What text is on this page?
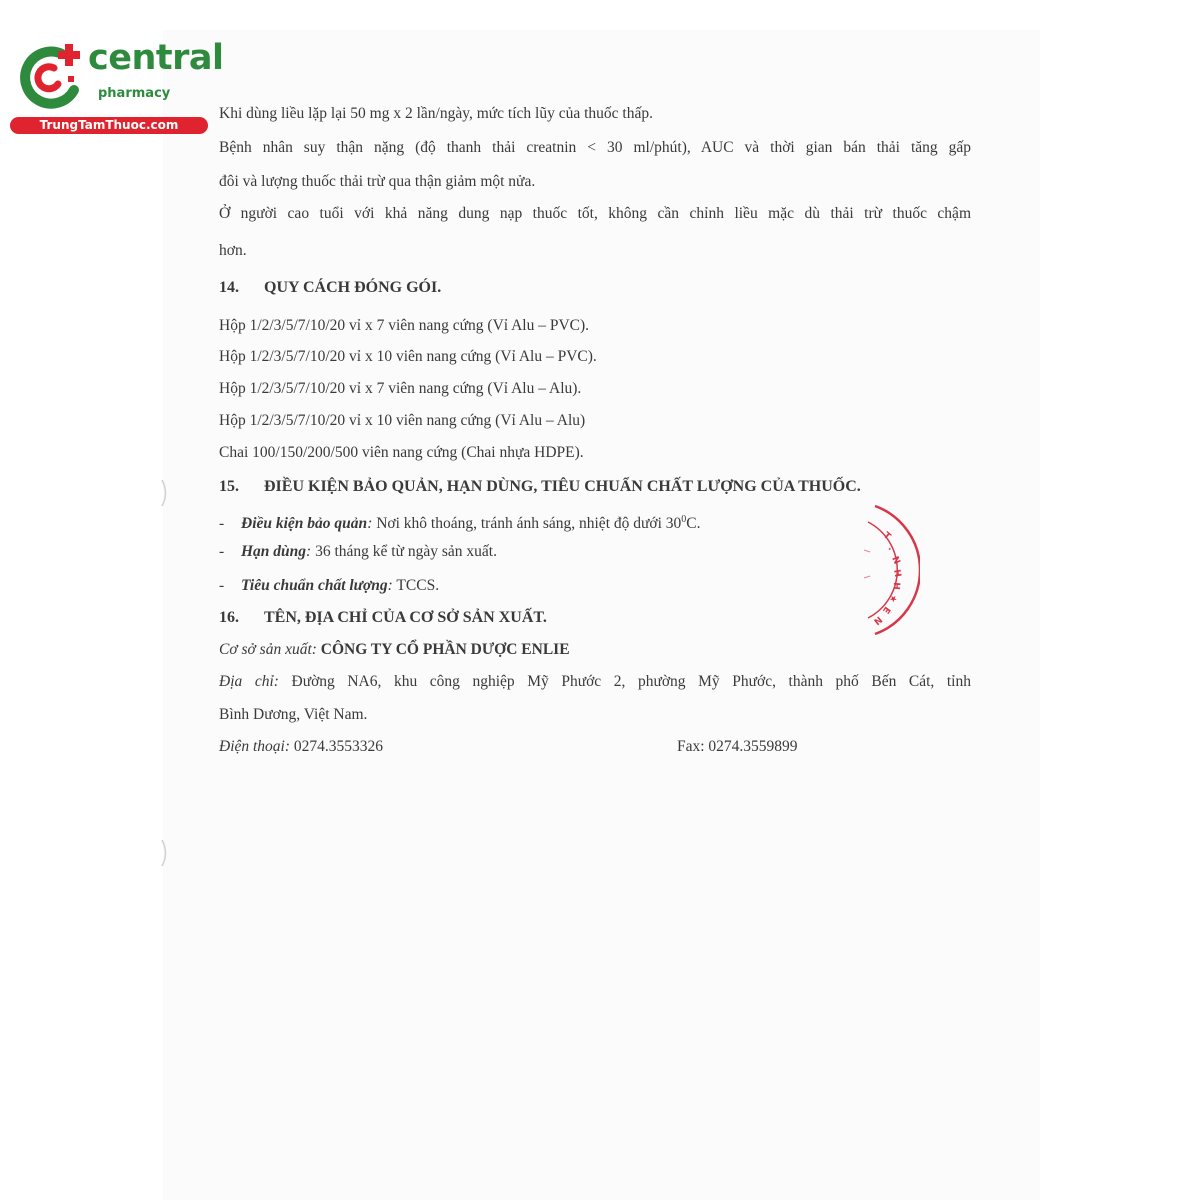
central
pharmacy
TrungTamThuoc.com
Khi dùng liều lặp lại 50 mg x 2 lần/ngày, mức tích lũy của thuốc thấp.
Bệnh nhân suy thận nặng (độ thanh thải creatnin < 30 ml/phút), AUC và thời gian bán thải tăng gấp
đôi và lượng thuốc thải trừ qua thận giảm một nửa.
Ở người cao tuổi với khả năng dung nạp thuốc tốt, không cần chỉnh liều mặc dù thải trừ thuốc chậm
hơn.
14. QUY CÁCH ĐÓNG GÓI.
Hộp 1/2/3/5/7/10/20 vỉ x 7 viên nang cứng (Vỉ Alu – PVC).
Hộp 1/2/3/5/7/10/20 vỉ x 10 viên nang cứng (Vỉ Alu – PVC).
Hộp 1/2/3/5/7/10/20 vỉ x 7 viên nang cứng (Vỉ Alu – Alu).
Hộp 1/2/3/5/7/10/20 vỉ x 10 viên nang cứng (Vỉ Alu – Alu)
Chai 100/150/200/500 viên nang cứng (Chai nhựa HDPE).
15. ĐIỀU KIỆN BẢO QUẢN, HẠN DÙNG, TIÊU CHUẨN CHẤT LƯỢNG CỦA THUỐC.
- Điều kiện bảo quản: Nơi khô thoáng, tránh ánh sáng, nhiệt độ dưới $30^0C$.
- Hạn dùng: 36 tháng kể từ ngày sản xuất.
- Tiêu chuẩn chất lượng: TCCS.
16. TÊN, ĐỊA CHỈ CỦA CƠ SỞ SẢN XUẤT.
Cơ sở sản xuất: CÔNG TY CỔ PHẦN DƯỢC ENLIE
Địa chỉ: Đường NA6, khu công nghiệp Mỹ Phước 2, phường Mỹ Phước, thành phố Bến Cát, tỉnh
Bình Dương, Việt Nam.
Điện thoại: 0274.3553326	Fax: 0274.3559899
T
.
N
H
H
★
E
N
